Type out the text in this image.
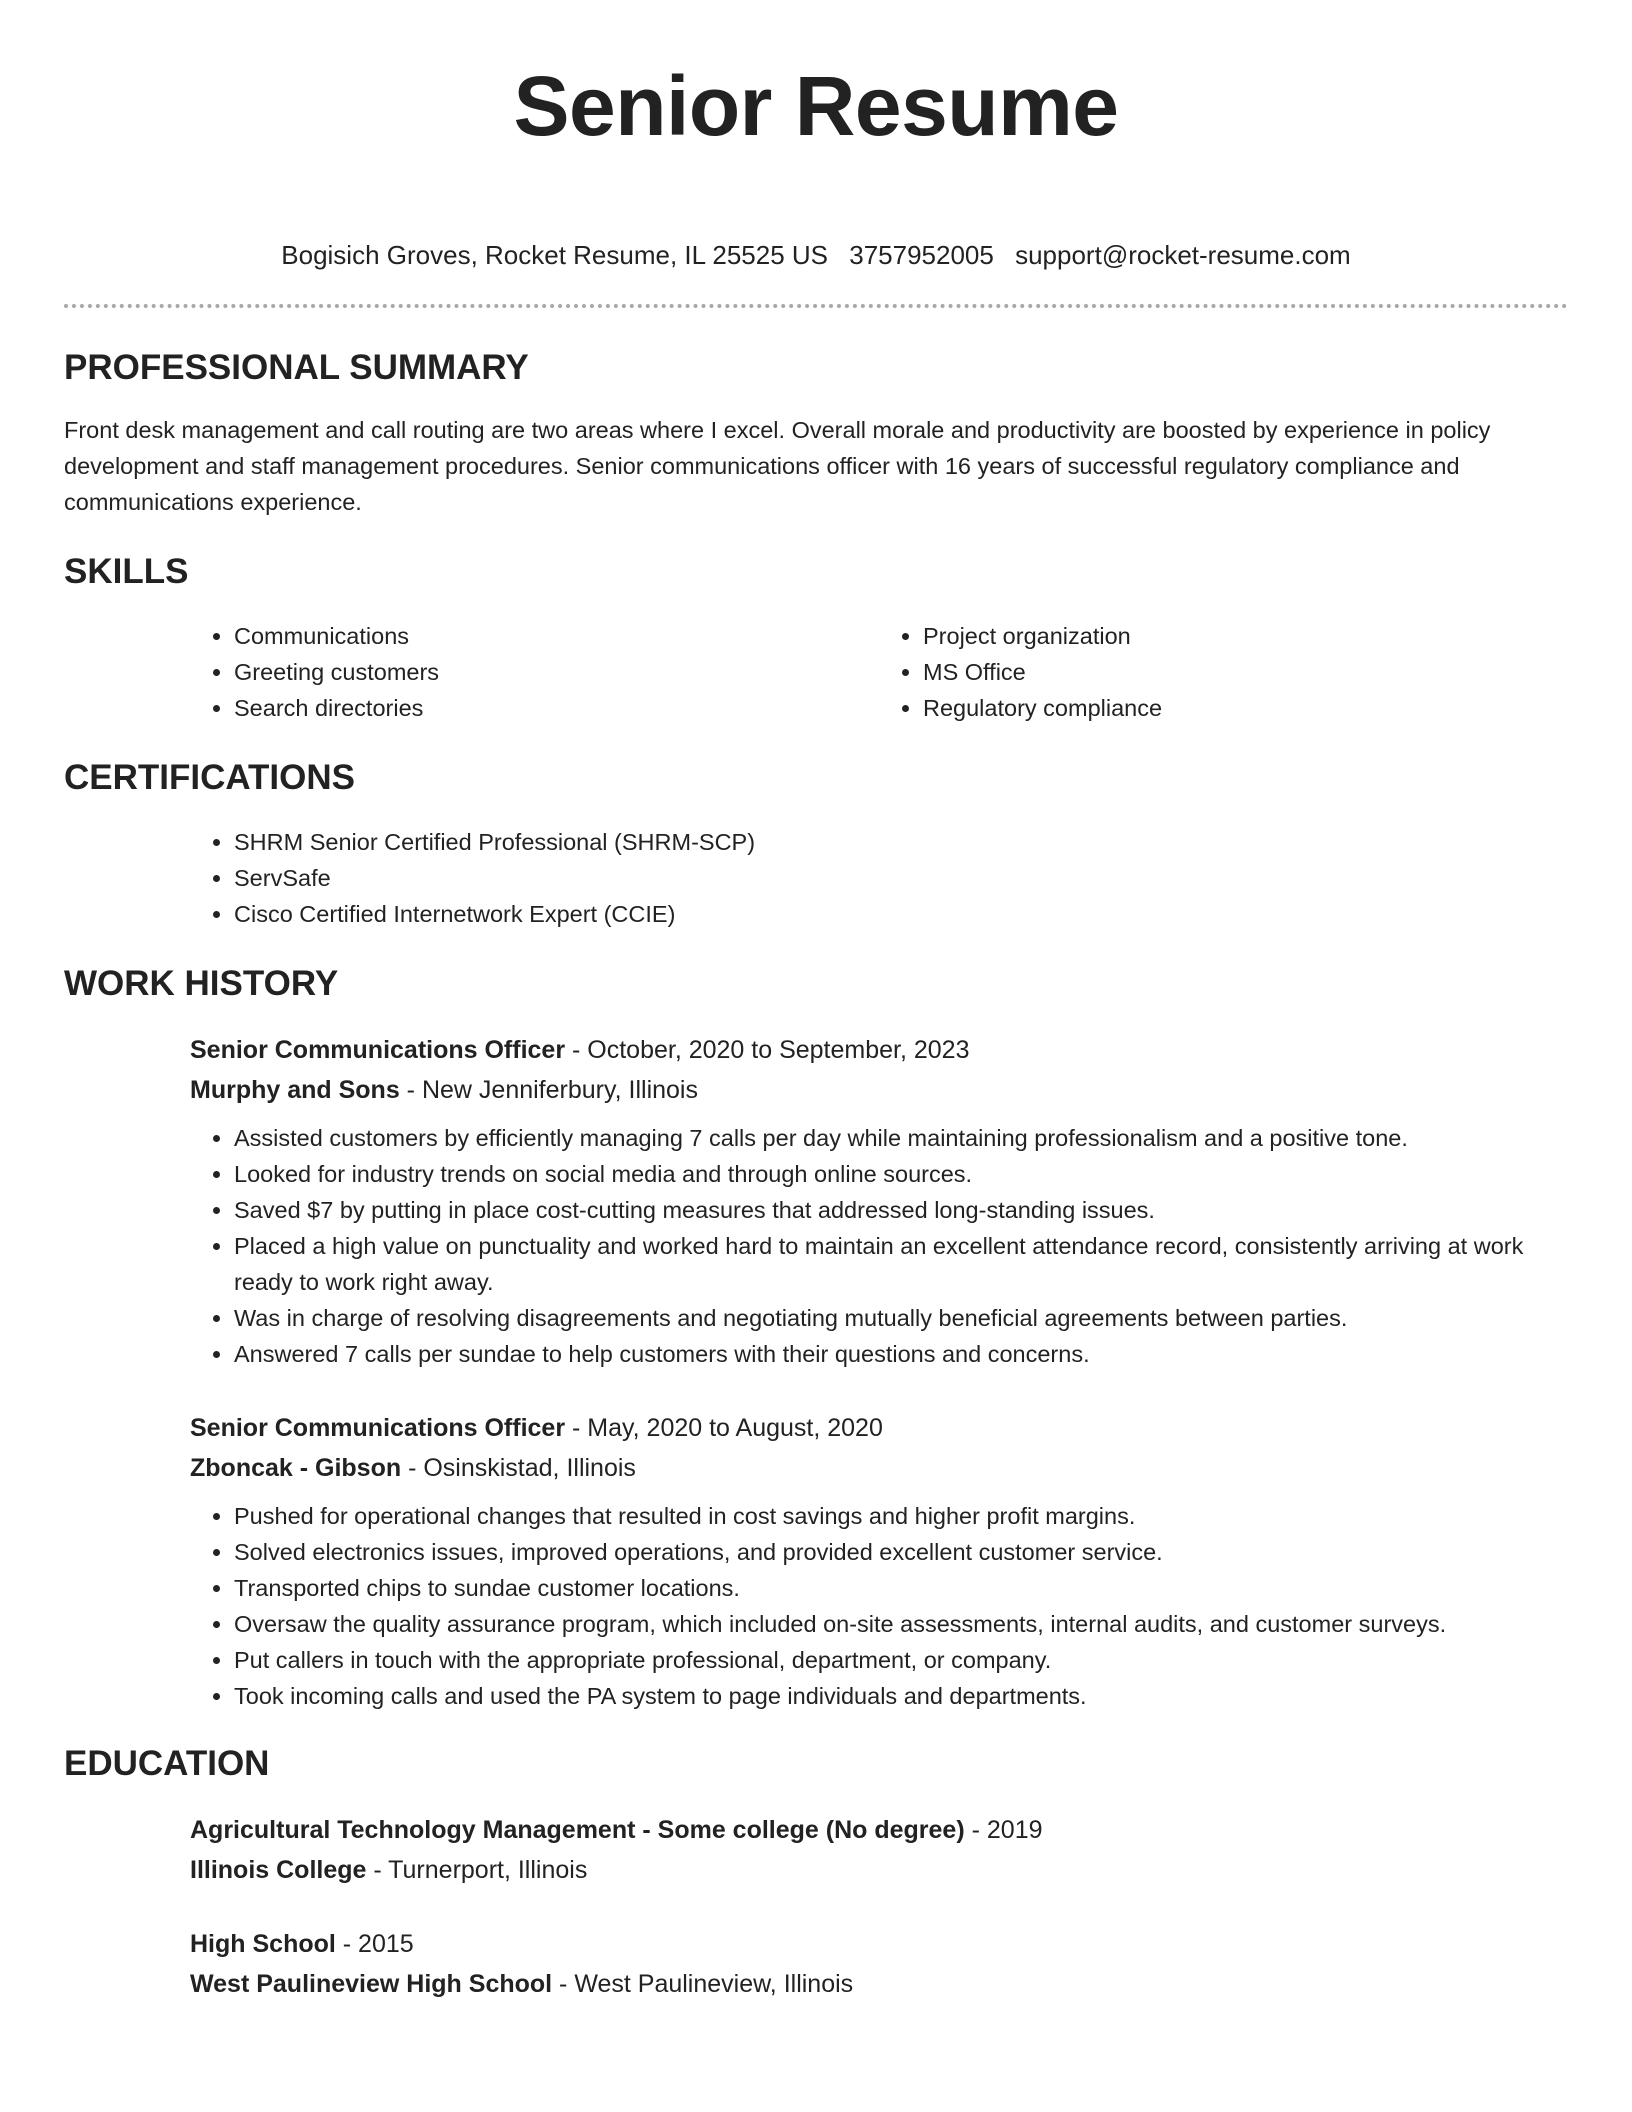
Senior Resume
Bogisich Groves, Rocket Resume, IL 25525 US 3757952005 support@rocket-resume.com
PROFESSIONAL SUMMARY

Front desk management and call routing are two areas where I excel. Overall morale and productivity are boosted by experience in policy development and staff management procedures. Senior communications officer with 16 years of successful regulatory compliance and communications experience.

SKILLS
• Communications
• Greeting customers
• Search directories
• Project organization
• MS Office
• Regulatory compliance
CERTIFICATIONS
• SHRM Senior Certified Professional (SHRM-SCP)
• ServSafe
• Cisco Certified Internetwork Expert (CCIE)
WORK HISTORY
Senior Communications Officer - October, 2020 to September, 2023
Murphy and Sons - New Jenniferbury, Illinois
• Assisted customers by efficiently managing 7 calls per day while maintaining professionalism and a positive tone.
• Looked for industry trends on social media and through online sources.
• Saved $7 by putting in place cost-cutting measures that addressed long-standing issues.
• Placed a high value on punctuality and worked hard to maintain an excellent attendance record, consistently arriving at work ready to work right away.
• Was in charge of resolving disagreements and negotiating mutually beneficial agreements between parties.
• Answered 7 calls per sundae to help customers with their questions and concerns.
Senior Communications Officer - May, 2020 to August, 2020
Zboncak - Gibson - Osinskistad, Illinois
• Pushed for operational changes that resulted in cost savings and higher profit margins.
• Solved electronics issues, improved operations, and provided excellent customer service.
• Transported chips to sundae customer locations.
• Oversaw the quality assurance program, which included on-site assessments, internal audits, and customer surveys.
• Put callers in touch with the appropriate professional, department, or company.
• Took incoming calls and used the PA system to page individuals and departments.
EDUCATION
Agricultural Technology Management - Some college (No degree) - 2019
Illinois College - Turnerport, Illinois
High School - 2015
West Paulineview High School - West Paulineview, Illinois
